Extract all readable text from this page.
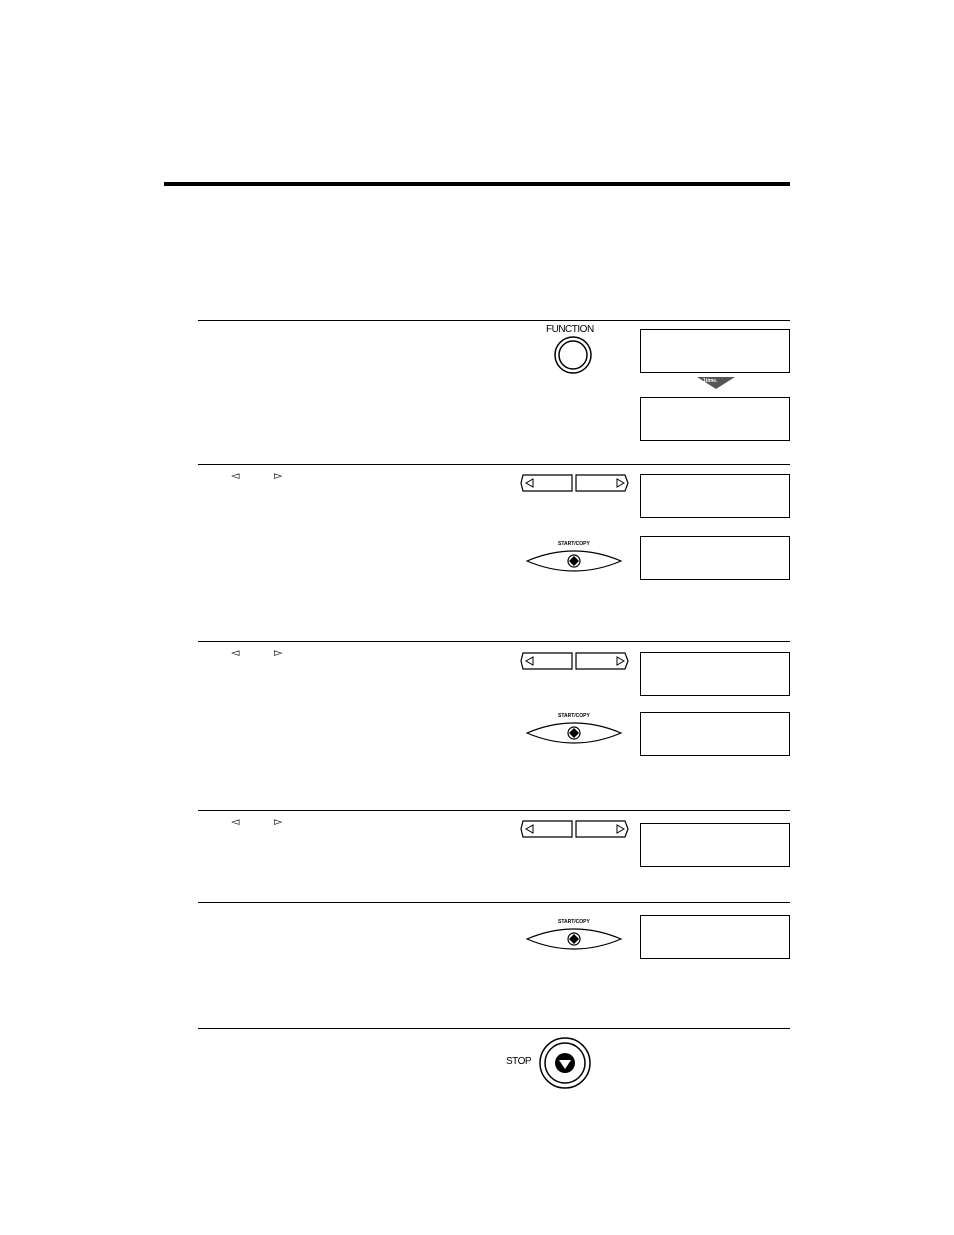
FUNCTION
1time.
◅	▻
START/COPY
◅	▻
START/COPY
◅	▻
START/COPY
STOP
